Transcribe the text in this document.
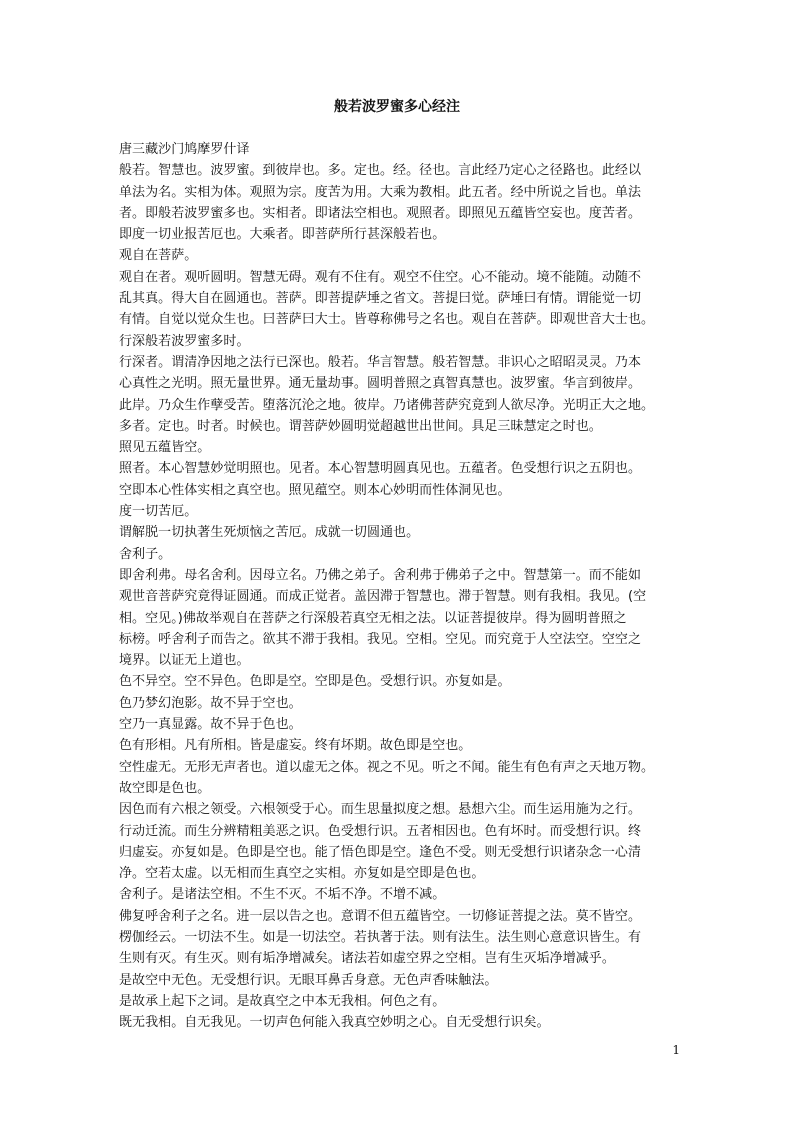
般若波罗蜜多心经注
唐三藏沙门鸠摩罗什译
般若。智慧也。波罗蜜。到彼岸也。多。定也。经。径也。言此经乃定心之径路也。此经以
单法为名。实相为体。观照为宗。度苦为用。大乘为教相。此五者。经中所说之旨也。单法
者。即般若波罗蜜多也。实相者。即诸法空相也。观照者。即照见五蕴皆空妄也。度苦者。
即度一切业报苦厄也。大乘者。即菩萨所行甚深般若也。
观自在菩萨。
观自在者。观听圆明。智慧无碍。观有不住有。观空不住空。心不能动。境不能随。动随不
乱其真。得大自在圆通也。菩萨。即菩提萨埵之省文。菩提曰觉。萨埵曰有情。谓能觉一切
有情。自觉以觉众生也。曰菩萨曰大士。皆尊称佛号之名也。观自在菩萨。即观世音大士也。
行深般若波罗蜜多时。
行深者。谓清净因地之法行已深也。般若。华言智慧。般若智慧。非识心之昭昭灵灵。乃本
心真性之光明。照无量世界。通无量劫事。圆明普照之真智真慧也。波罗蜜。华言到彼岸。
此岸。乃众生作孽受苦。堕落沉沦之地。彼岸。乃诸佛菩萨究竟到人欲尽净。光明正大之地。
多者。定也。时者。时候也。谓菩萨妙圆明觉超越世出世间。具足三昧慧定之时也。
照见五蕴皆空。
照者。本心智慧妙觉明照也。见者。本心智慧明圆真见也。五蕴者。色受想行识之五阴也。
空即本心性体实相之真空也。照见蕴空。则本心妙明而性体洞见也。
度一切苦厄。
谓解脱一切执著生死烦恼之苦厄。成就一切圆通也。
舍利子。
即舍利弗。母名舍利。因母立名。乃佛之弟子。舍利弗于佛弟子之中。智慧第一。而不能如
观世音菩萨究竟得证圆通。而成正觉者。盖因滞于智慧也。滞于智慧。则有我相。我见。(空
相。空见。)佛故举观自在菩萨之行深般若真空无相之法。以证菩提彼岸。得为圆明普照之
标榜。呼舍利子而告之。欲其不滞于我相。我见。空相。空见。而究竟于人空法空。空空之
境界。以证无上道也。
色不异空。空不异色。色即是空。空即是色。受想行识。亦复如是。
色乃梦幻泡影。故不异于空也。
空乃一真显露。故不异于色也。
色有形相。凡有所相。皆是虚妄。终有坏期。故色即是空也。
空性虚无。无形无声者也。道以虚无之体。视之不见。听之不闻。能生有色有声之天地万物。
故空即是色也。
因色而有六根之领受。六根领受于心。而生思量拟度之想。悬想六尘。而生运用施为之行。
行动迁流。而生分辨精粗美恶之识。色受想行识。五者相因也。色有坏时。而受想行识。终
归虚妄。亦复如是。色即是空也。能了悟色即是空。逢色不受。则无受想行识诸杂念一心清
净。空若太虚。以无相而生真空之实相。亦复如是空即是色也。
舍利子。是诸法空相。不生不灭。不垢不净。不增不减。
佛复呼舍利子之名。进一层以告之也。意谓不但五蕴皆空。一切修证菩提之法。莫不皆空。
楞伽经云。一切法不生。如是一切法空。若执著于法。则有法生。法生则心意意识皆生。有
生则有灭。有生灭。则有垢净增减矣。诸法若如虚空界之空相。岂有生灭垢净增减乎。
是故空中无色。无受想行识。无眼耳鼻舌身意。无色声香味触法。
是故承上起下之词。是故真空之中本无我相。何色之有。
既无我相。自无我见。一切声色何能入我真空妙明之心。自无受想行识矣。
1
